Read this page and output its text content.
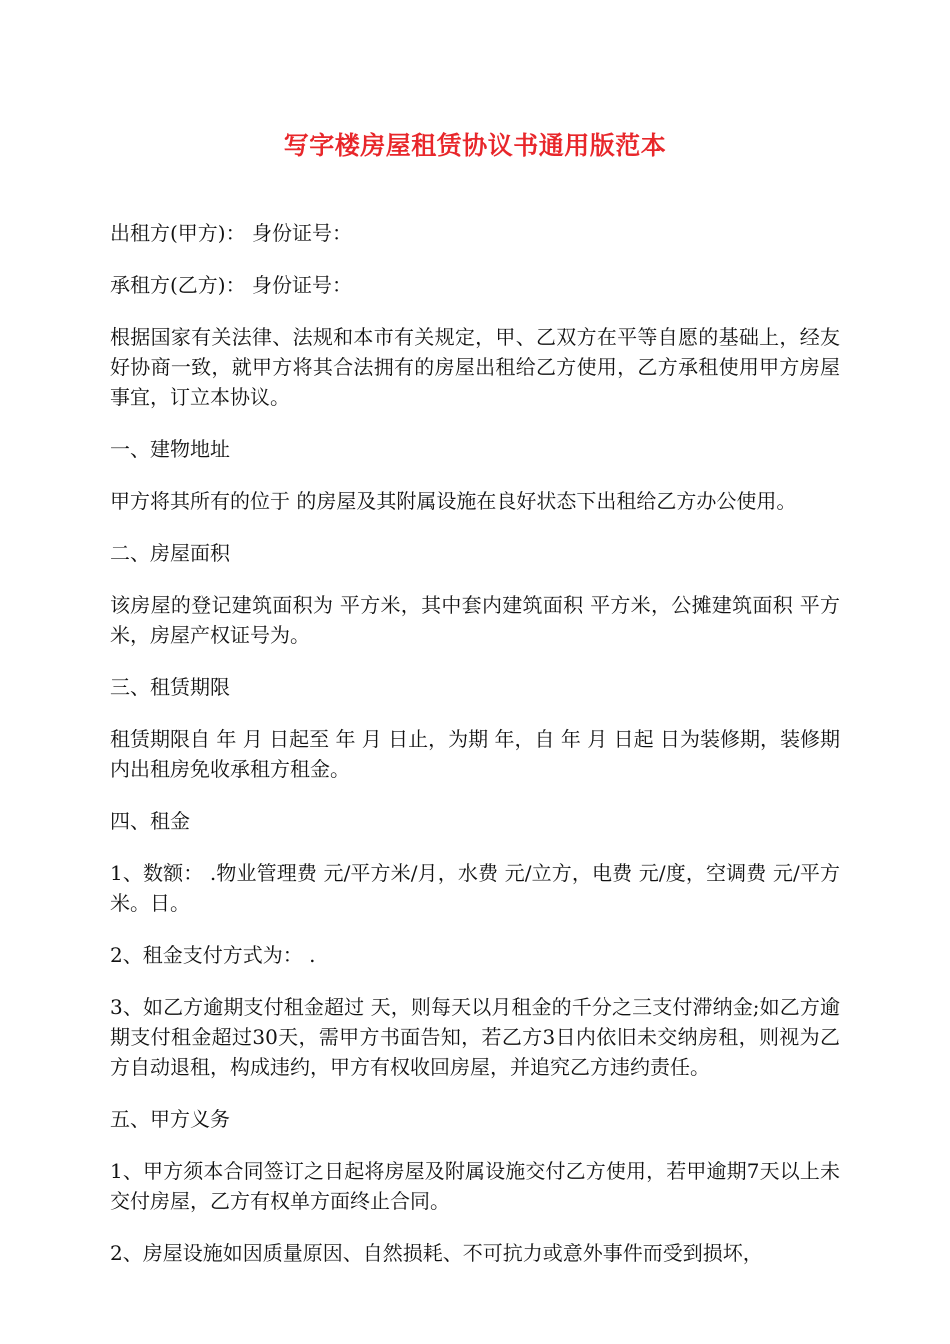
写字楼房屋租赁协议书通用版范本

出租方(甲方)： 身份证号：

承租方(乙方)： 身份证号：

根据国家有关法律、法规和本市有关规定，甲、乙双方在平等自愿的基础上，经友好协商一致，就甲方将其合法拥有的房屋出租给乙方使用，乙方承租使用甲方房屋事宜，订立本协议。

一、建物地址

甲方将其所有的位于 的房屋及其附属设施在良好状态下出租给乙方办公使用。

二、房屋面积

该房屋的登记建筑面积为 平方米，其中套内建筑面积 平方米，公摊建筑面积 平方米，房屋产权证号为。

三、租赁期限

租赁期限自 年 月 日起至 年 月 日止，为期 年，自 年 月 日起 日为装修期，装修期内出租房免收承租方租金。

四、租金

1、数额： .物业管理费 元/平方米/月，水费 元/立方，电费 元/度，空调费 元/平方米。日。

2、租金支付方式为： .

3、如乙方逾期支付租金超过 天，则每天以月租金的千分之三支付滞纳金;如乙方逾期支付租金超过30天，需甲方书面告知，若乙方3日内依旧未交纳房租，则视为乙方自动退租，构成违约，甲方有权收回房屋，并追究乙方违约责任。

五、甲方义务

1、甲方须本合同签订之日起将房屋及附属设施交付乙方使用，若甲逾期7天以上未交付房屋，乙方有权单方面终止合同。

2、房屋设施如因质量原因、自然损耗、不可抗力或意外事件而受到损坏，
